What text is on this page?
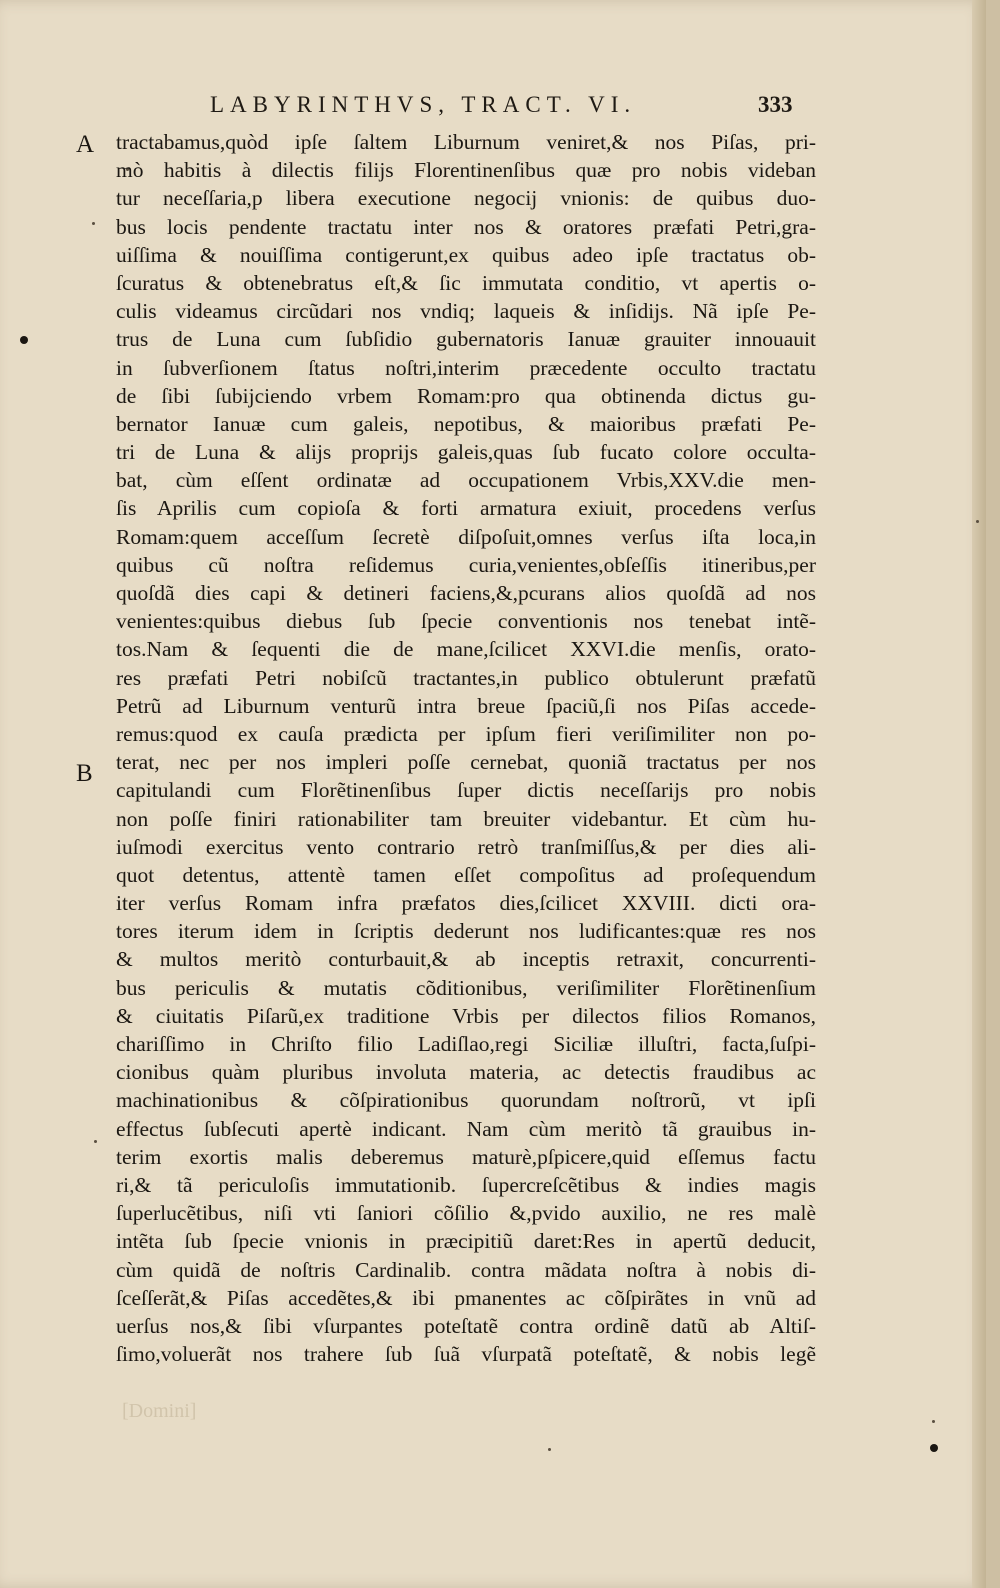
LABYRINTHVS, TRACT. VI.	333
A
B
tractabamus,quòd ipſe ſaltem Liburnum veniret,& nos Piſas, pri-
mò habitis à dilectis filijs Florentinenſibus quæ pro nobis videban
tur neceſſaria,p libera executione negocij vnionis: de quibus duo-
bus locis pendente tractatu inter nos & oratores præfati Petri,gra-
uiſſima & nouiſſima contigerunt,ex quibus adeo ipſe tractatus ob-
ſcuratus & obtenebratus eſt,& ſic immutata conditio, vt apertis o-
culis videamus circũdari nos vndiq; laqueis & inſidijs. Nã ipſe Pe-
trus de Luna cum ſubſidio gubernatoris Ianuæ grauiter innouauit
in ſubverſionem ſtatus noſtri,interim præcedente occulto tractatu
de ſibi ſubijciendo vrbem Romam:pro qua obtinenda dictus gu-
bernator Ianuæ cum galeis, nepotibus, & maioribus præfati Pe-
tri de Luna & alijs proprijs galeis,quas ſub fucato colore occulta-
bat, cùm eſſent ordinatæ ad occupationem Vrbis,XXV.die men-
ſis Aprilis cum copioſa & forti armatura exiuit, procedens verſus
Romam:quem acceſſum ſecretè diſpoſuit,omnes verſus iſta loca,in
quibus cũ noſtra reſidemus curia,venientes,obſeſſis itineribus,per
quoſdã dies capi & detineri faciens,&,pcurans alios quoſdã ad nos
venientes:quibus diebus ſub ſpecie conventionis nos tenebat intẽ-
tos.Nam & ſequenti die de mane,ſcilicet XXVI.die menſis, orato-
res præfati Petri nobiſcũ tractantes,in publico obtulerunt præfatũ
Petrũ ad Liburnum venturũ intra breue ſpaciũ,ſi nos Piſas accede-
remus:quod ex cauſa prædicta per ipſum fieri veriſimiliter non po-
terat, nec per nos impleri poſſe cernebat, quoniã tractatus per nos
capitulandi cum Florẽtinenſibus ſuper dictis neceſſarijs pro nobis
non poſſe finiri rationabiliter tam breuiter videbantur. Et cùm hu-
iuſmodi exercitus vento contrario retrò tranſmiſſus,& per dies ali-
quot detentus, attentè tamen eſſet compoſitus ad proſequendum
iter verſus Romam infra præfatos dies,ſcilicet XXVIII. dicti ora-
tores iterum idem in ſcriptis dederunt nos ludificantes:quæ res nos
& multos meritò conturbauit,& ab inceptis retraxit, concurrenti-
bus periculis & mutatis cõditionibus, veriſimiliter Florẽtinenſium
& ciuitatis Piſarũ,ex traditione Vrbis per dilectos filios Romanos,
chariſſimo in Chriſto filio Ladiſlao,regi Siciliæ illuſtri, facta,ſuſpi-
cionibus quàm pluribus involuta materia, ac detectis fraudibus ac
machinationibus & cõſpirationibus quorundam noſtrorũ, vt ipſi
effectus ſubſecuti apertè indicant. Nam cùm meritò tã grauibus in-
terim exortis malis deberemus maturè,pſpicere,quid eſſemus factu
ri,& tã periculoſis immutationib. ſupercreſcẽtibus & indies magis
ſuperlucẽtibus, niſi vti ſaniori cõſilio &,pvido auxilio, ne res malè
intẽta ſub ſpecie vnionis in præcipitiũ daret:Res in apertũ deducit,
cùm quidã de noſtris Cardinalib. contra mãdata noſtra à nobis di-
ſceſſerãt,& Piſas accedẽtes,& ibi pmanentes ac cõſpirãtes in vnũ ad
uerſus nos,& ſibi vſurpantes poteſtatẽ contra ordinẽ datũ ab Altiſ-
ſimo,voluerãt nos trahere ſub ſuã vſurpatã poteſtatẽ, & nobis legẽ
[Domini]
